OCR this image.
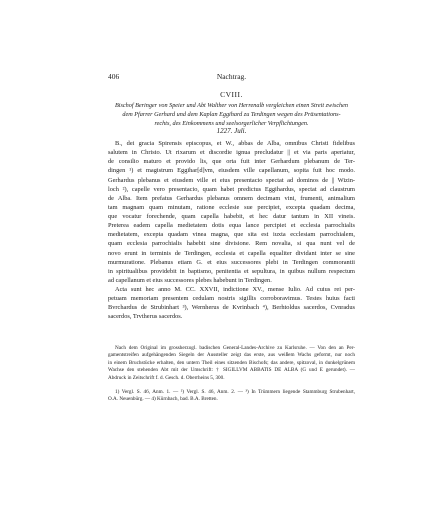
406	Nachtrag.
CVIII.
Bischof Beringer von Speier und Abt Walther von Herrenalb vergleichen einen Streit zwischen
dem Pfarrer Gerhard und dem Kaplan Eggihard zu Terdingen wegen des Präsentations-
rechts, des Einkommens und seelsorgerlicher Verpflichtungen.
1227. Juli.
B., dei gracia Spirensis episcopus, et W., abbas de Alba, omnibus Christi fidelibus
salutem in Christo. Ut rixarum et discordie ignua precludatur || et via paris aperiatur,
de consilio maturo et provido lis, que orta fuit inter Gerhardum plebanum de Ter-
dingen ¹) et magistrum Eggihar[d]vm, eiusdem ville capellanum, sopita fuit hoc modo.
Gerhardus plebanus et eiusdem ville et eius presentacio spectat ad dominos de || Wizin-
loch ²), capelle vero presentacio, quam habet predictus Eggihardus, spectat ad claustrum
de Alba. Item prefatus Gerhardus plebanus omnem decimam vini, frumenti, animalium
tam magnam quam minutam, ratione ecclesie sue percipiet, excepta quadam decima,
que vocatur forechende, quam capella habebit, et hec datur tantum in XII vineis.
Preterea eadem capella medietatem dotis equa lance percipiet et ecclesia parrochialis
medietatem, excepta quadam vinea magna, que sita est iuxta ecclesiam parrochialem,
quam ecclesia parrochialis habebit sine divisione. Rem novalia, si qua nunt vel de
novo erunt in terminis de Terdingen, ecclesia et capella equaliter dividant inter se sine
murmuratione. Plebanus etiam G. et eius successores plebi in Terdingen commorantii
in spiritualibus providebit in baptismo, penitentia et sepultura, in quibus nullum respectum
ad capellanum et eius successores plebes habebunt in Terdingen.
Acta sunt hec anno M. CC. XXVII, indictione XV., mense Iulio. Ad cuius rei per-
petuam memoriam presentem cedulam nostris sigillis corroboravimus. Testes huius facti
Bvrchardus de Strubinhart ³), Wernherus de Kvrinbach ⁴), Berhtoldus sacerdos, Cvnradus
sacerdos, Trvtherus sacerdos.
Nach dem Original im grossherzogl. badischen General-Landes-Archive zu Karlsruhe. — Von den an Per-
gamentstreifen aufgehängenden Siegeln der Aussteller zeigt das erste, aus weißem Wachs geformt, nur noch
in einem Bruchstücke erhalten, den untern Theil eines sitzenden Bischofs; das andere, spitzoval, in dunkelgrünem
Wachse den stehenden Abt mit der Umschrift: † SIGILLVM ABBATIS DE ALBA (G und E gerundet). —
Abdruck in Zeitschrift f. d. Gesch. d. Oberrheins 5, 300.
1) Vergl. S. 46, Anm. 1. — ²) Vergl. S. 46, Anm. 2. — ³) In Trümmern liegende Stammburg Strubenhart,
O.A. Neuenbürg. — 4) Kürnbach, bad. B.A. Bretten.
